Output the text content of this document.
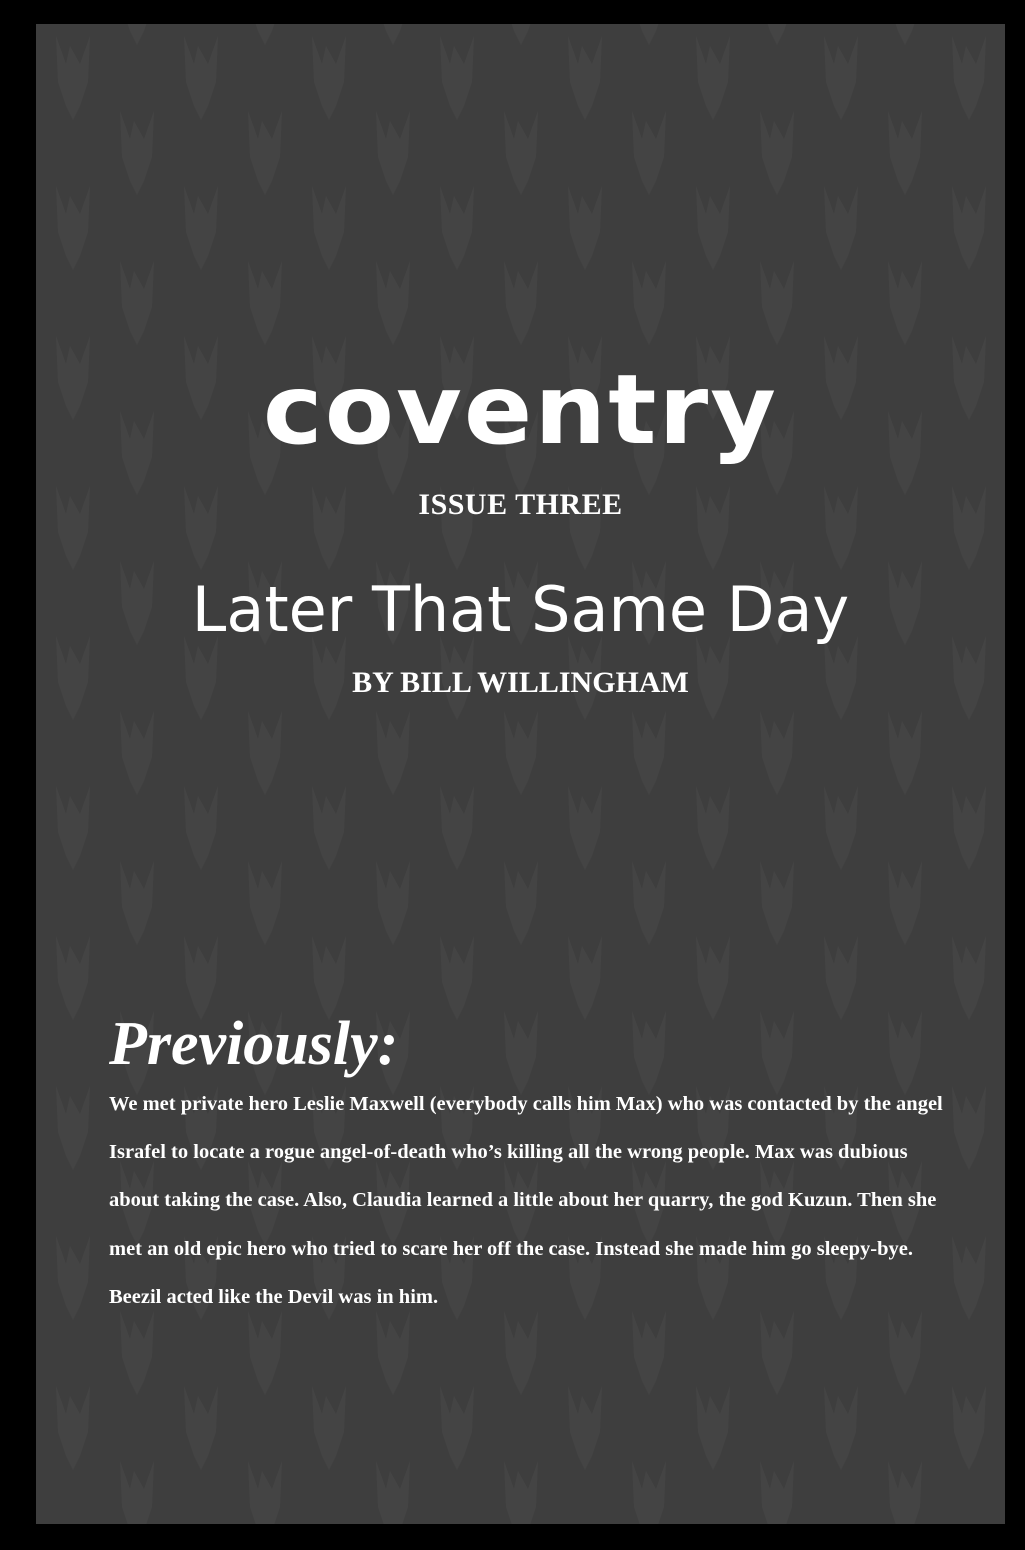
coventry
ISSUE THREE
Later That Same Day
BY BILL WILLINGHAM
Previously:

We met private hero Leslie Maxwell (everybody calls him Max) who was contacted by the angel Israfel to locate a rogue angel-of-death who’s killing all the wrong people. Max was dubious about taking the case. Also, Claudia learned a little about her quarry, the god Kuzun. Then she met an old epic hero who tried to scare her off the case. Instead she made him go sleepy-bye. Beezil acted like the Devil was in him.
